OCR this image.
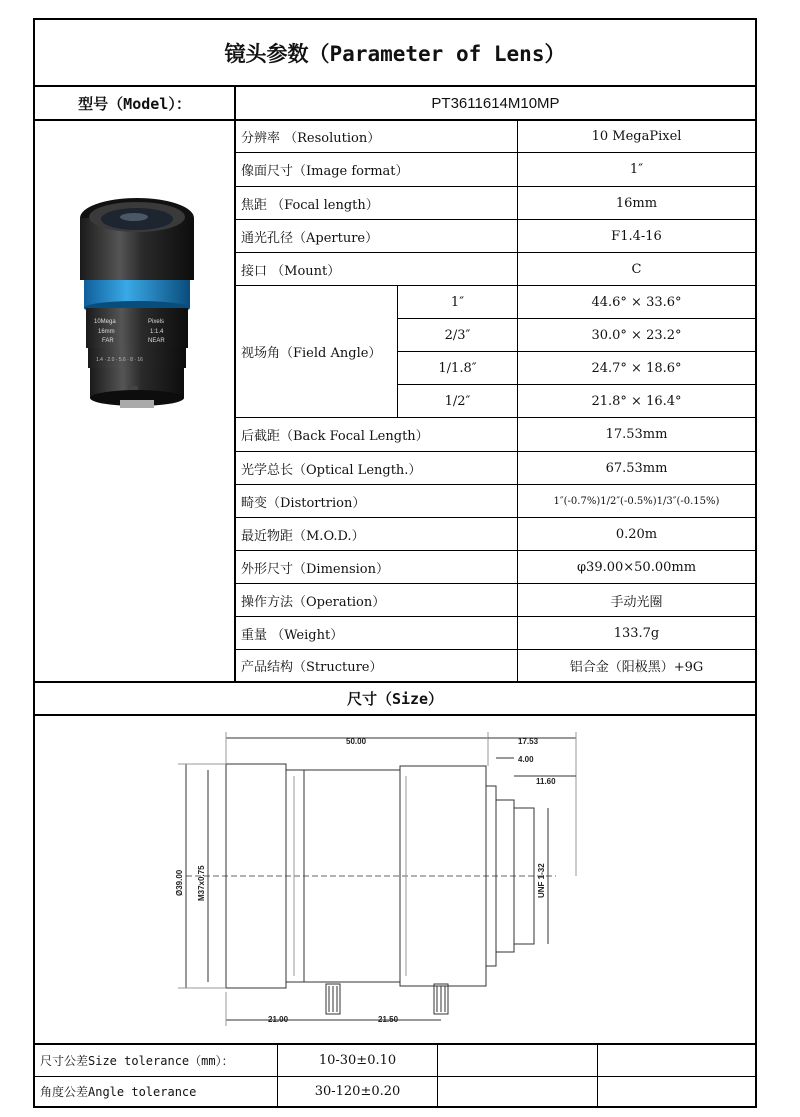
镜头参数（Parameter of Lens）
型号（Model）：	PT3611614M10MP
10Mega	Pixels
16mm	1:1.4
FAR	NEAR
1.4 · 2.0 · 5.6 · 8 · 16
分辨率 （Resolution）	10 MegaPixel
像面尺寸（Image format）	1″
焦距 （Focal length）	16mm
通光孔径（Aperture）	F1.4-16
接口 （Mount）	C
视场角（Field Angle）
1″	44.6° × 33.6°
2/3″	30.0° × 23.2°
1/1.8″	24.7° × 18.6°
1/2″	21.8° × 16.4°
后截距（Back Focal Length）	17.53mm
光学总长（Optical Length.）	67.53mm
畸变（Distortrion）	1″(-0.7%)1/2″(-0.5%)1/3″(-0.15%)
最近物距（M.O.D.）	0.20m
外形尺寸（Dimension）	φ39.00×50.00mm
操作方法（Operation）	手动光圈
重量 （Weight）	133.7g
产品结构（Structure）	铝合金（阳极黑）+9G
尺寸（Size）
50.00	17.53
4.00
11.60
Ø39.00 M37x0.75	UNF 1-32
21.00	21.50
尺寸公差Size tolerance（mm）：	10-30±0.10
角度公差Angle tolerance	30-120±0.20
